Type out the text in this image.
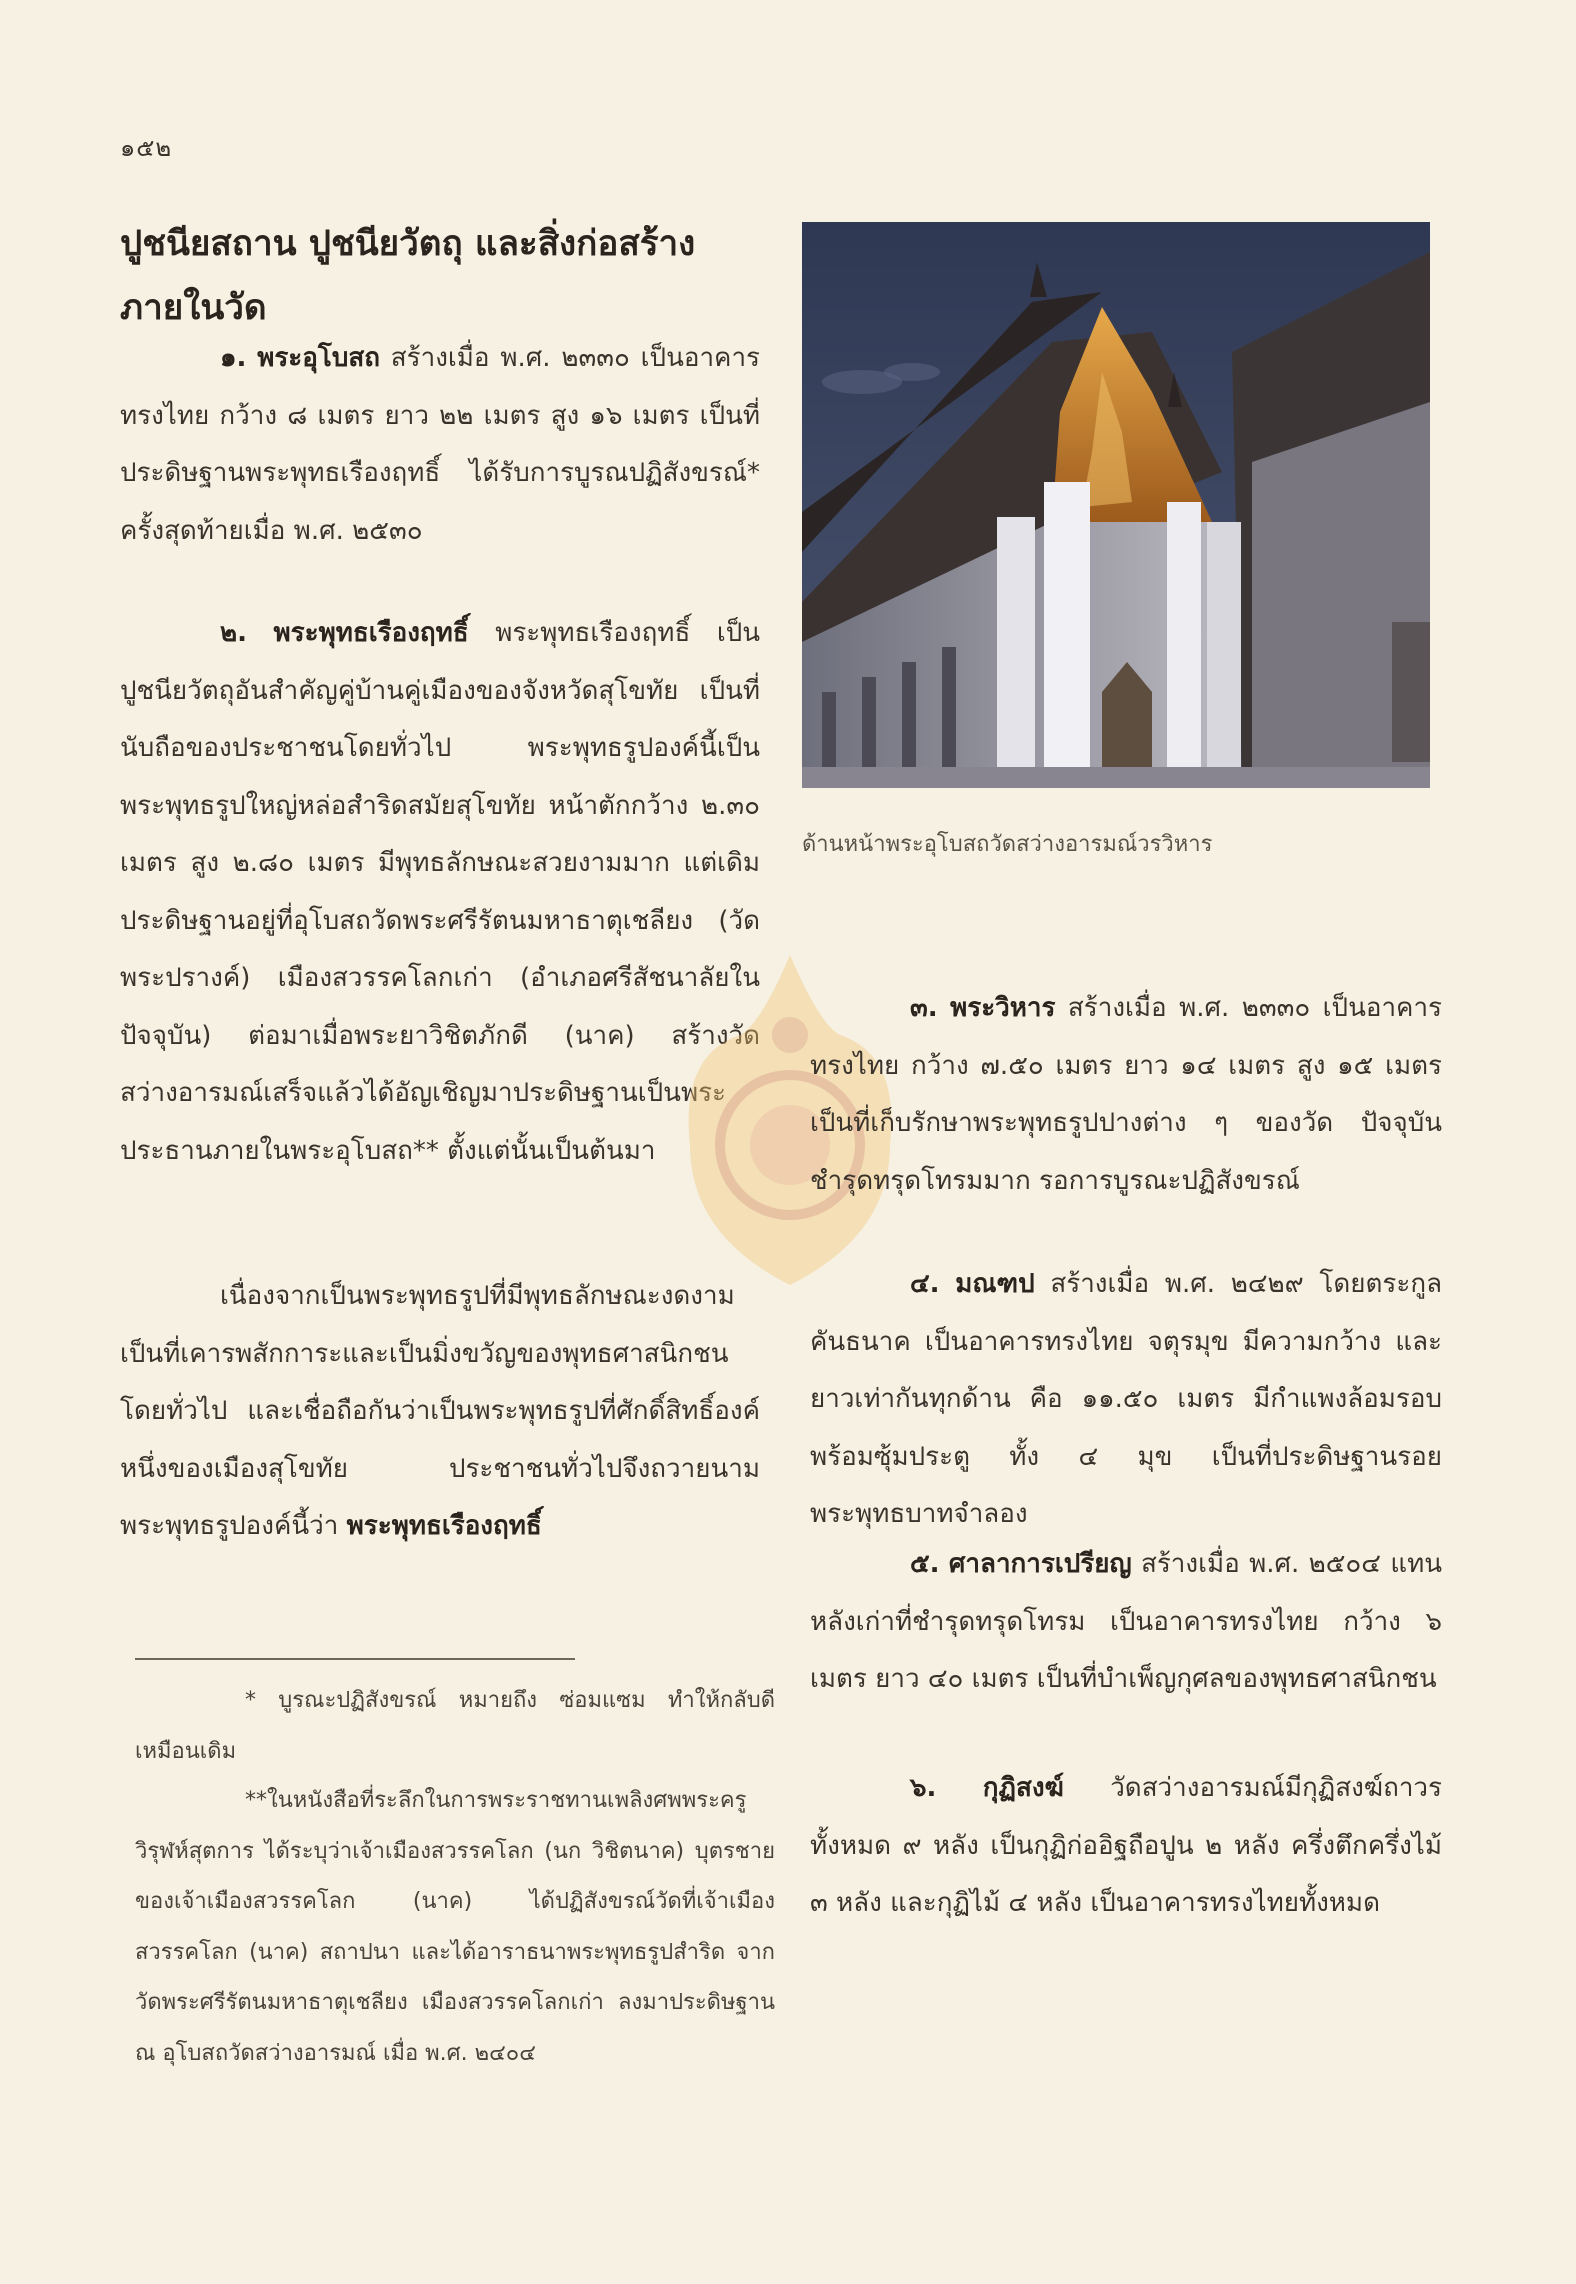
๑๕๒
ปูชนียสถาน ปูชนียวัตถุ และสิ่งก่อสร้างภายในวัด

๑. พระอุโบสถ สร้างเมื่อ พ.ศ. ๒๓๓๐ เป็นอาคารทรงไทย กว้าง ๘ เมตร ยาว ๒๒ เมตร สูง ๑๖ เมตร เป็นที่ประดิษฐานพระพุทธเรืองฤทธิ์ ได้รับการบูรณปฏิสังขรณ์* ครั้งสุดท้ายเมื่อ พ.ศ. ๒๕๓๐

๒. พระพุทธเรืองฤทธิ์ พระพุทธเรืองฤทธิ์ เป็นปูชนียวัตถุอันสำคัญคู่บ้านคู่เมืองของจังหวัดสุโขทัย เป็นที่นับถือของประชาชนโดยทั่วไป พระพุทธรูปองค์นี้เป็นพระพุทธรูปใหญ่หล่อสำริดสมัยสุโขทัย หน้าตักกว้าง ๒.๓๐ เมตร สูง ๒.๘๐ เมตร มีพุทธลักษณะสวยงามมาก แต่เดิมประดิษฐานอยู่ที่อุโบสถวัดพระศรีรัตนมหาธาตุเชลียง (วัดพระปรางค์) เมืองสวรรคโลกเก่า (อำเภอศรีสัชนาลัยในปัจจุบัน) ต่อมาเมื่อพระยาวิชิตภักดี (นาค) สร้างวัดสว่างอารมณ์เสร็จแล้วได้อัญเชิญมาประดิษฐานเป็นพระประธานภายในพระอุโบสถ** ตั้งแต่นั้นเป็นต้นมา

เนื่องจากเป็นพระพุทธรูปที่มีพุทธลักษณะงดงามเป็นที่เคารพสักการะและเป็นมิ่งขวัญของพุทธศาสนิกชนโดยทั่วไป และเชื่อถือกันว่าเป็นพระพุทธรูปที่ศักดิ์สิทธิ์องค์หนึ่งของเมืองสุโขทัย ประชาชนทั่วไปจึงถวายนามพระพุทธรูปองค์นี้ว่า พระพุทธเรืองฤทธิ์

* บูรณะปฏิสังขรณ์ หมายถึง ซ่อมแซม ทำให้กลับดีเหมือนเดิม

**ในหนังสือที่ระลึกในการพระราชทานเพลิงศพพระครูวิรุฬห์สุตการ ได้ระบุว่าเจ้าเมืองสวรรคโลก (นก วิชิตนาค) บุตรชายของเจ้าเมืองสวรรคโลก (นาค) ได้ปฏิสังขรณ์วัดที่เจ้าเมืองสวรรคโลก (นาค) สถาปนา และได้อาราธนาพระพุทธรูปสำริด จากวัดพระศรีรัตนมหาธาตุเชลียง เมืองสวรรคโลกเก่า ลงมาประดิษฐาน ณ อุโบสถวัดสว่างอารมณ์ เมื่อ พ.ศ. ๒๔๐๔

ด้านหน้าพระอุโบสถวัดสว่างอารมณ์วรวิหาร

๓. พระวิหาร สร้างเมื่อ พ.ศ. ๒๓๓๐ เป็นอาคารทรงไทย กว้าง ๗.๕๐ เมตร ยาว ๑๔ เมตร สูง ๑๕ เมตร เป็นที่เก็บรักษาพระพุทธรูปปางต่าง ๆ ของวัด ปัจจุบันชำรุดทรุดโทรมมาก รอการบูรณะปฏิสังขรณ์

๔. มณฑป สร้างเมื่อ พ.ศ. ๒๔๒๙ โดยตระกูลคันธนาค เป็นอาคารทรงไทย จตุรมุข มีความกว้าง และยาวเท่ากันทุกด้าน คือ ๑๑.๕๐ เมตร มีกำแพงล้อมรอบ พร้อมซุ้มประตู ทั้ง ๔ มุข เป็นที่ประดิษฐานรอยพระพุทธบาทจำลอง

๕. ศาลาการเปรียญ สร้างเมื่อ พ.ศ. ๒๕๐๔ แทนหลังเก่าที่ชำรุดทรุดโทรม เป็นอาคารทรงไทย กว้าง ๖ เมตร ยาว ๔๐ เมตร เป็นที่บำเพ็ญกุศลของพุทธศาสนิกชน

๖. กุฏิสงฆ์ วัดสว่างอารมณ์มีกุฏิสงฆ์ถาวรทั้งหมด ๙ หลัง เป็นกุฏิก่ออิฐถือปูน ๒ หลัง ครึ่งตึกครึ่งไม้ ๓ หลัง และกุฏิไม้ ๔ หลัง เป็นอาคารทรงไทยทั้งหมด
